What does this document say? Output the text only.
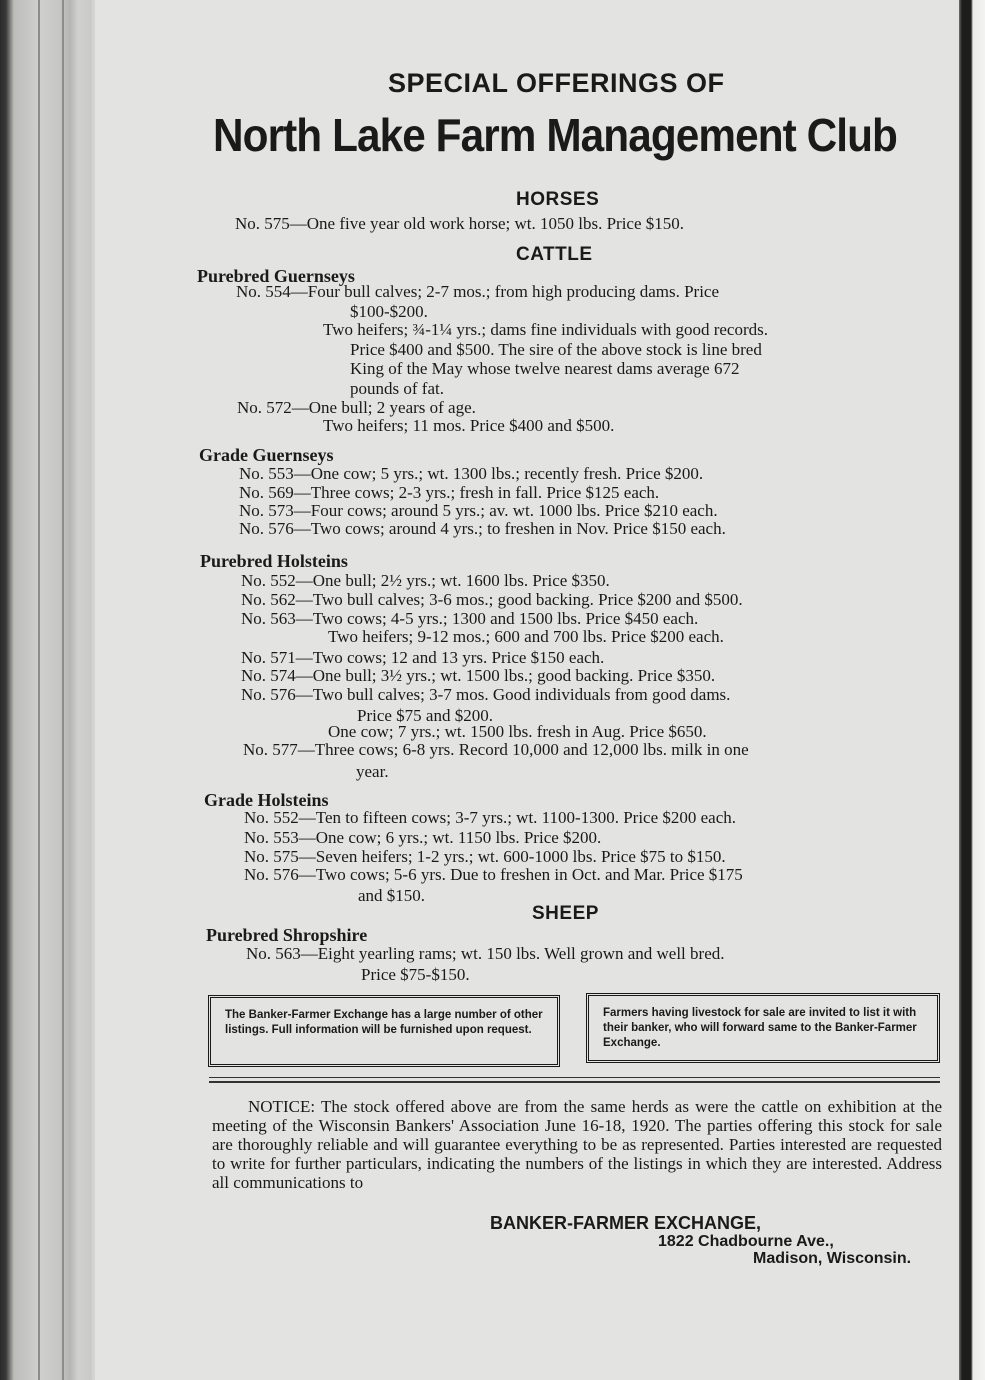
SPECIAL OFFERINGS OF
North Lake Farm Management Club
HORSES
No. 575—One five year old work horse; wt. 1050 lbs. Price $150.
CATTLE
Purebred Guernseys
No. 554—Four bull calves; 2-7 mos.; from high producing dams. Price
$100-$200.
Two heifers; ¾-1¼ yrs.; dams fine individuals with good records.
Price $400 and $500. The sire of the above stock is line bred
King of the May whose twelve nearest dams average 672
pounds of fat.
No. 572—One bull; 2 years of age.
Two heifers; 11 mos. Price $400 and $500.
Grade Guernseys
No. 553—One cow; 5 yrs.; wt. 1300 lbs.; recently fresh. Price $200.
No. 569—Three cows; 2-3 yrs.; fresh in fall. Price $125 each.
No. 573—Four cows; around 5 yrs.; av. wt. 1000 lbs. Price $210 each.
No. 576—Two cows; around 4 yrs.; to freshen in Nov. Price $150 each.
Purebred Holsteins
No. 552—One bull; 2½ yrs.; wt. 1600 lbs. Price $350.
No. 562—Two bull calves; 3-6 mos.; good backing. Price $200 and $500.
No. 563—Two cows; 4-5 yrs.; 1300 and 1500 lbs. Price $450 each.
Two heifers; 9-12 mos.; 600 and 700 lbs. Price $200 each.
No. 571—Two cows; 12 and 13 yrs. Price $150 each.
No. 574—One bull; 3½ yrs.; wt. 1500 lbs.; good backing. Price $350.
No. 576—Two bull calves; 3-7 mos. Good individuals from good dams.
Price $75 and $200.
One cow; 7 yrs.; wt. 1500 lbs. fresh in Aug. Price $650.
No. 577—Three cows; 6-8 yrs. Record 10,000 and 12,000 lbs. milk in one
year.
Grade Holsteins
No. 552—Ten to fifteen cows; 3-7 yrs.; wt. 1100-1300. Price $200 each.
No. 553—One cow; 6 yrs.; wt. 1150 lbs. Price $200.
No. 575—Seven heifers; 1-2 yrs.; wt. 600-1000 lbs. Price $75 to $150.
No. 576—Two cows; 5-6 yrs. Due to freshen in Oct. and Mar. Price $175
and $150.
SHEEP
Purebred Shropshire
No. 563—Eight yearling rams; wt. 150 lbs. Well grown and well bred.
Price $75-$150.
The Banker-Farmer Exchange has a large number of other listings. Full information will be furnished upon request.
Farmers having livestock for sale are invited to list it with their banker, who will forward same to the Banker-Farmer Exchange.

NOTICE: The stock offered above are from the same herds as were the cattle on exhibition at the meeting of the Wisconsin Bankers' Association June 16-18, 1920. The parties offering this stock for sale are thoroughly reliable and will guarantee everything to be as represented. Parties interested are requested to write for further particulars, indicating the numbers of the listings in which they are interested. Address all communications to

BANKER-FARMER EXCHANGE,
1822 Chadbourne Ave.,
Madison, Wisconsin.
